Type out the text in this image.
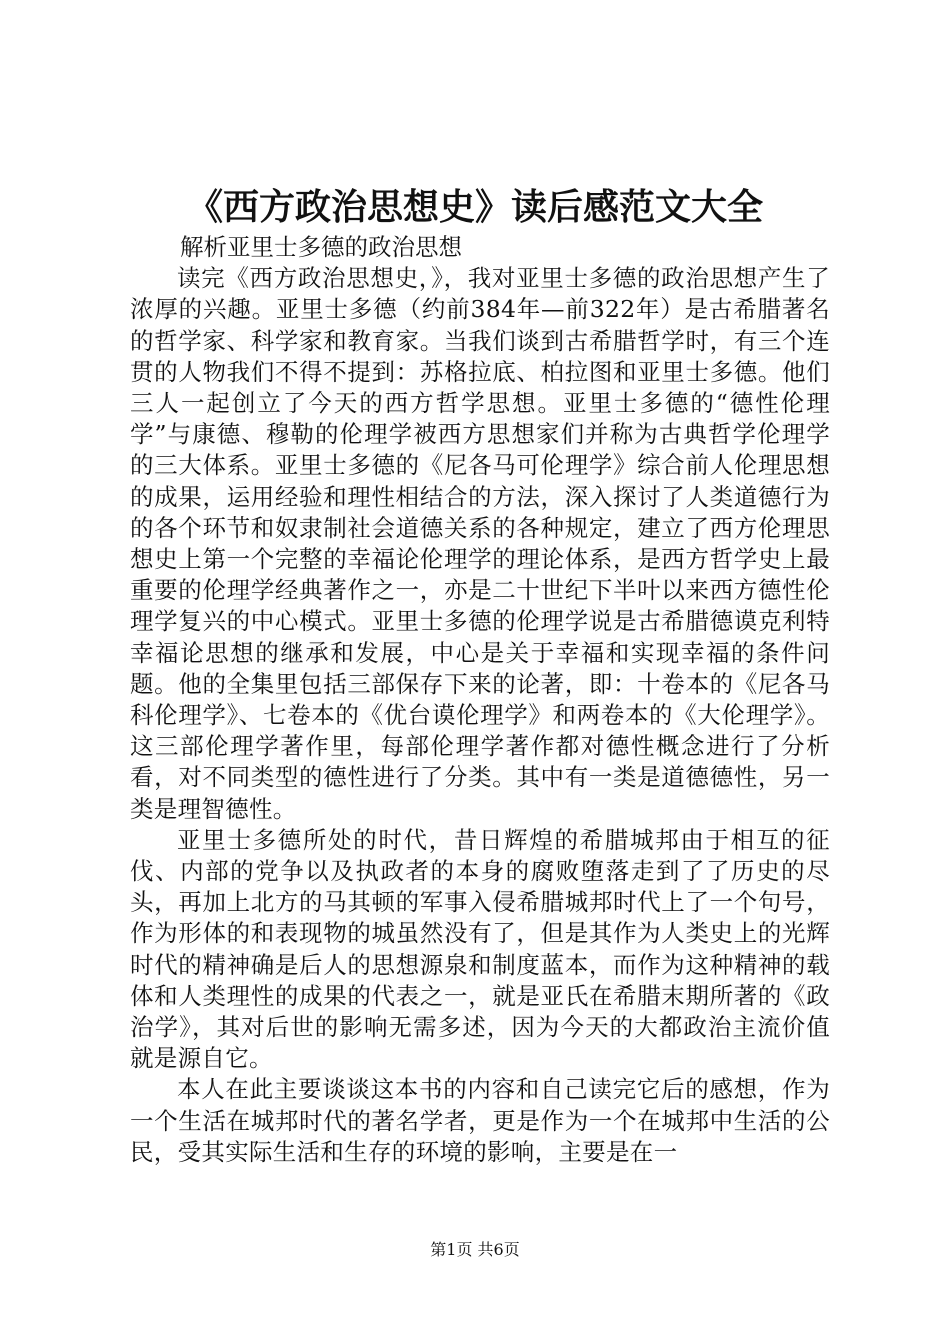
《西方政治思想史》读后感范文大全

解析亚里士多德的政治思想

读完《西方政治思想史，》，我对亚里士多德的政治思想产生了浓厚的兴趣。亚里士多德（约前384年—前322年）是古希腊著名的哲学家、科学家和教育家。当我们谈到古希腊哲学时，有三个连贯的人物我们不得不提到：苏格拉底、柏拉图和亚里士多德。他们三人一起创立了今天的西方哲学思想。亚里士多德的“德性伦理学”与康德、穆勒的伦理学被西方思想家们并称为古典哲学伦理学的三大体系。亚里士多德的《尼各马可伦理学》综合前人伦理思想的成果，运用经验和理性相结合的方法，深入探讨了人类道德行为的各个环节和奴隶制社会道德关系的各种规定，建立了西方伦理思想史上第一个完整的幸福论伦理学的理论体系，是西方哲学史上最重要的伦理学经典著作之一，亦是二十世纪下半叶以来西方德性伦理学复兴的中心模式。亚里士多德的伦理学说是古希腊德谟克利特幸福论思想的继承和发展，中心是关于幸福和实现幸福的条件问题。他的全集里包括三部保存下来的论著，即：十卷本的《尼各马科伦理学》、七卷本的《优台谟伦理学》和两卷本的《大伦理学》。这三部伦理学著作里，每部伦理学著作都对德性概念进行了分析看，对不同类型的德性进行了分类。其中有一类是道德德性，另一类是理智德性。

亚里士多德所处的时代，昔日辉煌的希腊城邦由于相互的征伐、内部的党争以及执政者的本身的腐败堕落走到了了历史的尽头，再加上北方的马其顿的军事入侵希腊城邦时代上了一个句号，作为形体的和表现物的城虽然没有了，但是其作为人类史上的光辉时代的精神确是后人的思想源泉和制度蓝本，而作为这种精神的载体和人类理性的成果的代表之一，就是亚氏在希腊末期所著的《政治学》，其对后世的影响无需多述，因为今天的大都政治主流价值就是源自它。

本人在此主要谈谈这本书的内容和自己读完它后的感想，作为一个生活在城邦时代的著名学者，更是作为一个在城邦中生活的公民，受其实际生活和生存的环境的影响，主要是在一

第1页 共6页
